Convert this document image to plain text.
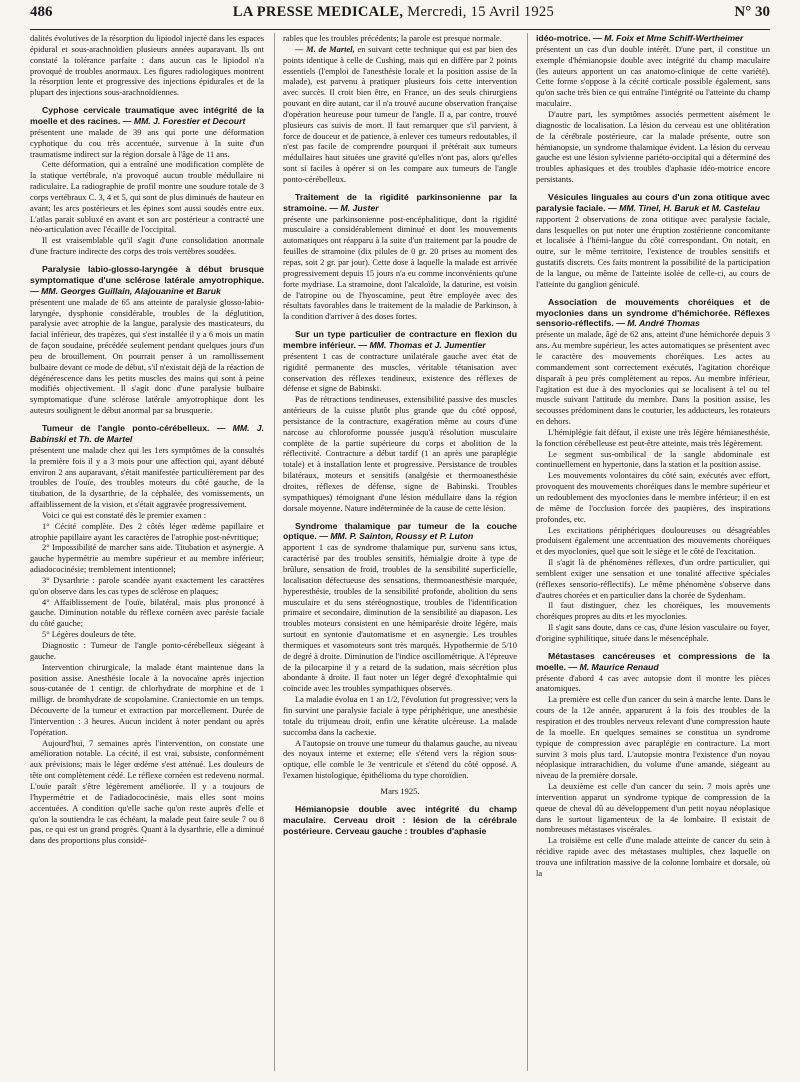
486	LA PRESSE MEDICALE, Mercredi, 15 Avril 1925	N° 30

dalités évolutives de la résorption du lipiodol injecté dans les espaces épidural et sous-arachnoïdien plusieurs années auparavant. Ils ont constaté la tolérance parfaite : dans aucun cas le lipiodol n'a provoqué de troubles anormaux. Les figures radiologiques montrent la résorption lente et progressive des injections épidurales et de la plupart des injections sous-arachnoïdiennes.

Cyphose cervicale traumatique avec intégrité de la moelle et des racines. — MM. J. Forestier et Decourt

présentent une malade de 39 ans qui porte une déformation cyphotique du cou très accentuée, survenue à la suite d'un traumatisme indirect sur la région dorsale à l'âge de 11 ans.

Cette déformation, qui a entraîné une modification complète de la statique vertébrale, n'a provoqué aucun trouble médullaire ni radiculaire. La radiographie de profil montre une soudure totale de 3 corps vertébraux C. 3, 4 et 5, qui sont de plus diminués de hauteur en avant; les arcs postérieurs et les épines sont aussi soudés entre eux. L'atlas parait subluxé en avant et son arc postérieur a contracté une néo-articulation avec l'écaille de l'occipital.

Il est vraisemblable qu'il s'agit d'une consolidation anormale d'une fracture indirecte des corps des trois vertèbres soudées.

Paralysie labio-glosso-laryngée à début brusque symptomatique d'une sclérose latérale amyotrophique. — MM. Georges Guillain, Alajouanine et Baruk

présentent une malade de 65 ans atteinte de paralysie glosso-labio-laryngée, dysphonie considérable, troubles de la déglutition, paralysie avec atrophie de la langue, paralysie des masticateurs, du facial inférieur, des trapèzes, qui s'est installée il y a 6 mois un matin de façon soudaine, précédée seulement pendant quelques jours d'un peu de brouillement. On pourrait penser à un ramollissement bulbaire devant ce mode de début, s'il n'existait déjà de la réaction de dégénérescence dans les petits muscles des mains qui sont à peine modifiés objectivement. Il s'agit donc d'une paralysie bulbaire symptomatique d'une sclérose latérale amyotrophique dont les auteurs soulignent le début anormal par sa brusquerie.

Tumeur de l'angle ponto-cérébelleux. — MM. J. Babinski et Th. de Martel

présentent une malade chez qui les 1ers symptômes de la consultés la première fois il y a 3 mois pour une affection qui, ayant débuté environ 2 ans auparavant, s'était manifestée particulièrement par des troubles de l'ouïe, des troubles moteurs du côté gauche, de la titubation, de la dysarthrie, de la céphalée, des vomissements, un affaiblissement de la vision, et s'était aggravée progressivement.

Voici ce qui est constaté dès le premier examen :

1° Cécité complète. Des 2 côtés léger œdème papillaire et atrophie papillaire ayant les caractères de l'atrophie post-névritique;

2° Impossibilité de marcher sans aide. Titubation et asynergie. A gauche hypermétrie au membre supérieur et au membre inférieur; adiadococinésie; tremblement intentionnel;

3° Dysarthrie : parole scandée ayant exactement les caractères qu'on observe dans les cas types de sclérose en plaques;

4° Affaiblissement de l'ouïe, bilatéral, mais plus prononcé à gauche. Diminution notable du réflexe cornéen avec parésie faciale du côté gauche;

5° Légères douleurs de tête.

Diagnostic : Tumeur de l'angle ponto-cérébelleux siégeant à gauche.

Intervention chirurgicale, la malade étant maintenue dans la position assise. Anesthésie locale à la novocaïne après injection sous-cutanée de 1 centigr. de chlorhydrate de morphine et de 1 milligr. de bromhydrate de scopolamine. Craniectomie en un temps. Découverte de la tumeur et extraction par morcellement. Durée de l'intervention : 3 heures. Aucun incident à noter pendant ou après l'opération.

Aujourd'hui, 7 semaines après l'intervention, on constate une amélioration notable. La cécité, il est vrai, subsiste, conformément aux prévisions; mais le léger œdème s'est atténué. Les douleurs de tête ont complètement cédé. Le réflexe cornéen est redevenu normal. L'ouïe paraît s'être légèrement améliorée. Il y a toujours de l'hypermétrie et de l'adiadococinésie, mais elles sont moins accentuées. A condition qu'elle sache qu'on reste auprès d'elle et qu'on la soutiendra le cas échéant, la malade peut faire seule 7 ou 8 pas, ce qui est un grand progrès. Quant à la dysarthrie, elle a diminué dans des proportions plus considé-

rables que les troubles précédents; la parole est presque normale.

— M. de Martel, en suivant cette technique qui est par bien des points identique à celle de Cushing, mais qui en diffère par 2 points essentiels (l'emploi de l'anesthésie locale et la position assise de la malade), est parvenu à pratiquer plusieurs fois cette intervention avec succès. Il croit bien être, en France, un des seuls chirurgiens pouvant en dire autant, car il n'a trouvé aucune observation française d'opération heureuse pour tumeur de l'angle. Il a, par contre, trouvé plusieurs cas suivis de mort. Il faut remarquer que s'il parvient, à force de douceur et de patience, à enlever ces tumeurs redoutables, il n'est pas facile de comprendre pourquoi il prétérait aux tumeurs médullaires haut situées une gravité qu'elles n'ont pas, alors qu'elles sont si faciles à opérer si on les compare aux tumeurs de l'angle ponto-cérébelleux.

Traitement de la rigidité parkinsonienne par la stramoine. — M. Juster

présente une parkinsonienne post-encéphalitique, dont la rigidité musculaire a considérablement diminué et dont les mouvements automatiques ont réapparu à la suite d'un traitement par la poudre de feuilles de stramoine (dix pilules de 0 gr. 20 prises au moment des repas, soit 2 gr. par jour). Cette dose à laquelle la malade est arrivée progressivement depuis 15 jours n'a eu comme inconvénients qu'une forte mydriase. La stramoine, dont l'alcaloïde, la daturine, est voisin de l'atropine ou de l'hyoscamine, peut être employée avec des résultats favorables dans le traitement de la maladie de Parkinson, à la condition d'arriver à des doses fortes.

Sur un type particulier de contracture en flexion du membre inférieur. — MM. Thomas et J. Jumentier

présentent 1 cas de contracture unilatérale gauche avec état de rigidité permanente des muscles, véritable tétanisation avec conservation des réflexes tendineux, existence des réflexes de défense et signe de Babinski.

Pas de rétractions tendineuses, extensibilité passive des muscles antérieurs de la cuisse plutôt plus grande que du côté opposé, persistance de la contracture, exagération même au cours d'une narcose au chloroforme poussée jusqu'à résolution musculaire complète de la partie supérieure du corps et abolition de la réflectivité. Contracture a début tardif (1 an après une paraplégie totale) et à installation lente et progressive. Persistance de troubles bilatéraux, moteurs et sensitifs (analgésie et thermoanesthésie droites, réflexes de défense, signe de Babinski. Troubles sympathiques) témoignant d'une lésion médullaire dans la région dorsale moyenne. Nature indéterminée de la cause de cette lésion.

Syndrome thalamique par tumeur de la couche optique. — MM. P. Sainton, Roussy et P. Luton

apportent 1 cas de syndrome thalamique pur, survenu sans ictus, caractérisé par des troubles sensitifs, hémialgie droite à type de brûlure, sensation de froid, troubles de la sensibilité superficielle, localisation défectueuse des sensations, thermoanesthésie marquée, hyperesthésie, troubles de la sensibilité profonde, abolition du sens musculaire et du sens stéréognostique, troubles de l'identification primaire et secondaire, diminution de la sensibilité au diapason. Les troubles moteurs consistent en une hémiparésie droite légère, mais surtout en syntonie d'automatisme et en asynergie. Les troubles thermiques et vasomoteurs sont très marqués. Hypothermie de 5/10 de degré à droite. Diminution de l'indice oscillométrique. A l'épreuve de la pilocarpine il y a retard de la sudation, mais sécrétion plus abondante à droite. Il faut noter un léger degré d'exophtalmie qui coïncide avec les troubles sympathiques observés.

La maladie évolua en 1 an 1/2, l'évolution fut progressive; vers la fin survint une paralysie faciale à type périphérique, une anesthésie totale du trijumeau droit, enfin une kératite ulcéreuse. La malade succomba dans la cachexie.

A l'autopsie on trouve une tumeur du thalamus gauche, au niveau des noyaux interne et externe; elle s'étend vers la région sous-optique, elle comble le 3e ventricule et s'étend du côté opposé. A l'examen histologique, épithélioma du type choroïdien.

Mars 1925.

Hémianopsie double avec intégrité du champ maculaire. Cerveau droit : lésion de la cérébrale postérieure. Cerveau gauche : troubles d'aphasie
idéo-motrice. — M. Foix et Mme Schiff-Wertheimer

présentent un cas d'un double intérêt. D'une part, il constitue un exemple d'hémianopsie double avec intégrité du champ maculaire (les auteurs apportent un cas anatomo-clinique de cette variété). Cette forme s'oppose à la cécité corticale possible également, sans qu'on sache très bien ce qui entraîne l'intégrité ou l'atteinte du champ maculaire.

D'autre part, les symptômes associés permettent aisément le diagnostic de localisation. La lésion du cerveau est une oblitération de la cérébrale postérieure, car la malade présente, outre son hémianopsie, un syndrome thalamique évident. La lésion du cerveau gauche est une lésion sylvienne pariéto-occipital qui a déterminé des troubles aphasiques et des troubles d'aphasie idéo-motrice encore persistants.

Vésicules linguales au cours d'un zona otitique avec paralysie faciale. — MM. Tinel, H. Baruk et M. Castelau

rapportent 2 observations de zona otitique avec paralysie faciale, dans lesquelles on put noter une éruption zostérienne concomitante et localisée à l'hémi-langue du côté correspondant. On notait, en outre, sur le même territoire, l'existence de troubles sensitifs et gustatifs discrets. Ces faits montrent la possibilité de la participation de la langue, ou même de l'atteinte isolée de celle-ci, au cours de l'atteinte du ganglion géniculé.

Association de mouvements choréiques et de myoclonies dans un syndrome d'hémichorée. Réflexes sensorio-réflectifs. — M. André Thomas

présente un malade, âgé de 62 ans, atteint d'une hémichorée depuis 3 ans. Au membre supérieur, les actes automatiques se présentent avec le caractère des mouvements choréiques. Les actes au commandement sont correctement exécutés, l'agitation choréique disparaît à peu près complètement au repos. Au membre inférieur, l'agitation est due à des myoclonies qui se localisent à tel ou tel muscle suivant l'attitude du membre. Dans la position assise, les secousses prédominent dans le couturier, les adducteurs, les rotateurs en dehors.

L'hémiplégie fait défaut, il existe une très légère hémianesthésie, la fonction cérébelleuse est peut-être atteinte, mais très légèrement.

Le segment sus-ombilical de la sangle abdominale est continuellement en hypertonie, dans la station et la position assise.

Les mouvements volontaires du côté sain, exécutés avec effort, provoquent des mouvements choréiques dans le membre supérieur et un redoublement des myoclonies dans le membre inférieur; il en est de même de l'occlusion forcée des paupières, des inspirations profondes, etc.

Les excitations périphériques douloureuses ou désagréables produisent également une accentuation des mouvements choréiques et des myoclonies, quel que soit le siège et le côté de l'excitation.

Il s'agit là de phénomènes réflexes, d'un ordre particulier, qui semblent exiger une sensation et une tonalité affective spéciales (réflexes sensorio-réflectifs). Le même phénomène s'observe dans d'autres chorées et en particulier dans la chorée de Sydenham.

Il faut distinguer, chez les choréiques, les mouvements choréiques propres au dits et les myoclonies.

Il s'agit sans doute, dans ce cas, d'une lésion vasculaire ou foyer, d'origine syphilitique, située dans le mésencéphale.

Métastases cancéreuses et compressions de la moelle. — M. Maurice Renaud

présente d'abord 4 cas avec autopsie dont il montre les pièces anatomiques.

La première est celle d'un cancer du sein à marche lente. Dans le cours de la 12e année, apparurent à la fois des troubles de la respiration et des troubles nerveux relevant d'une compression haute de la moelle. En quelques semaines se constitua un syndrome typique de compression avec paraplégie en contracture. La mort survint 3 mois plus tard. L'autopsie montra l'existence d'un noyau néoplasique intrarachidien, du volume d'une amande, siégeant au niveau de la première dorsale.

La deuxième est celle d'un cancer du sein. 7 mois après une intervention apparut un syndrome typique de compression de la queue de cheval dû au développement d'un petit noyau néoplasique dans le surtout ligamenteux de la 4e lombaire. Il existait de nombreuses métastases viscérales.

La troisième est celle d'une malade atteinte de cancer du sein à récidive rapide avec des métastases multiples, chez laquelle on trouva une infiltration massive de la colonne lombaire et dorsale, où la
